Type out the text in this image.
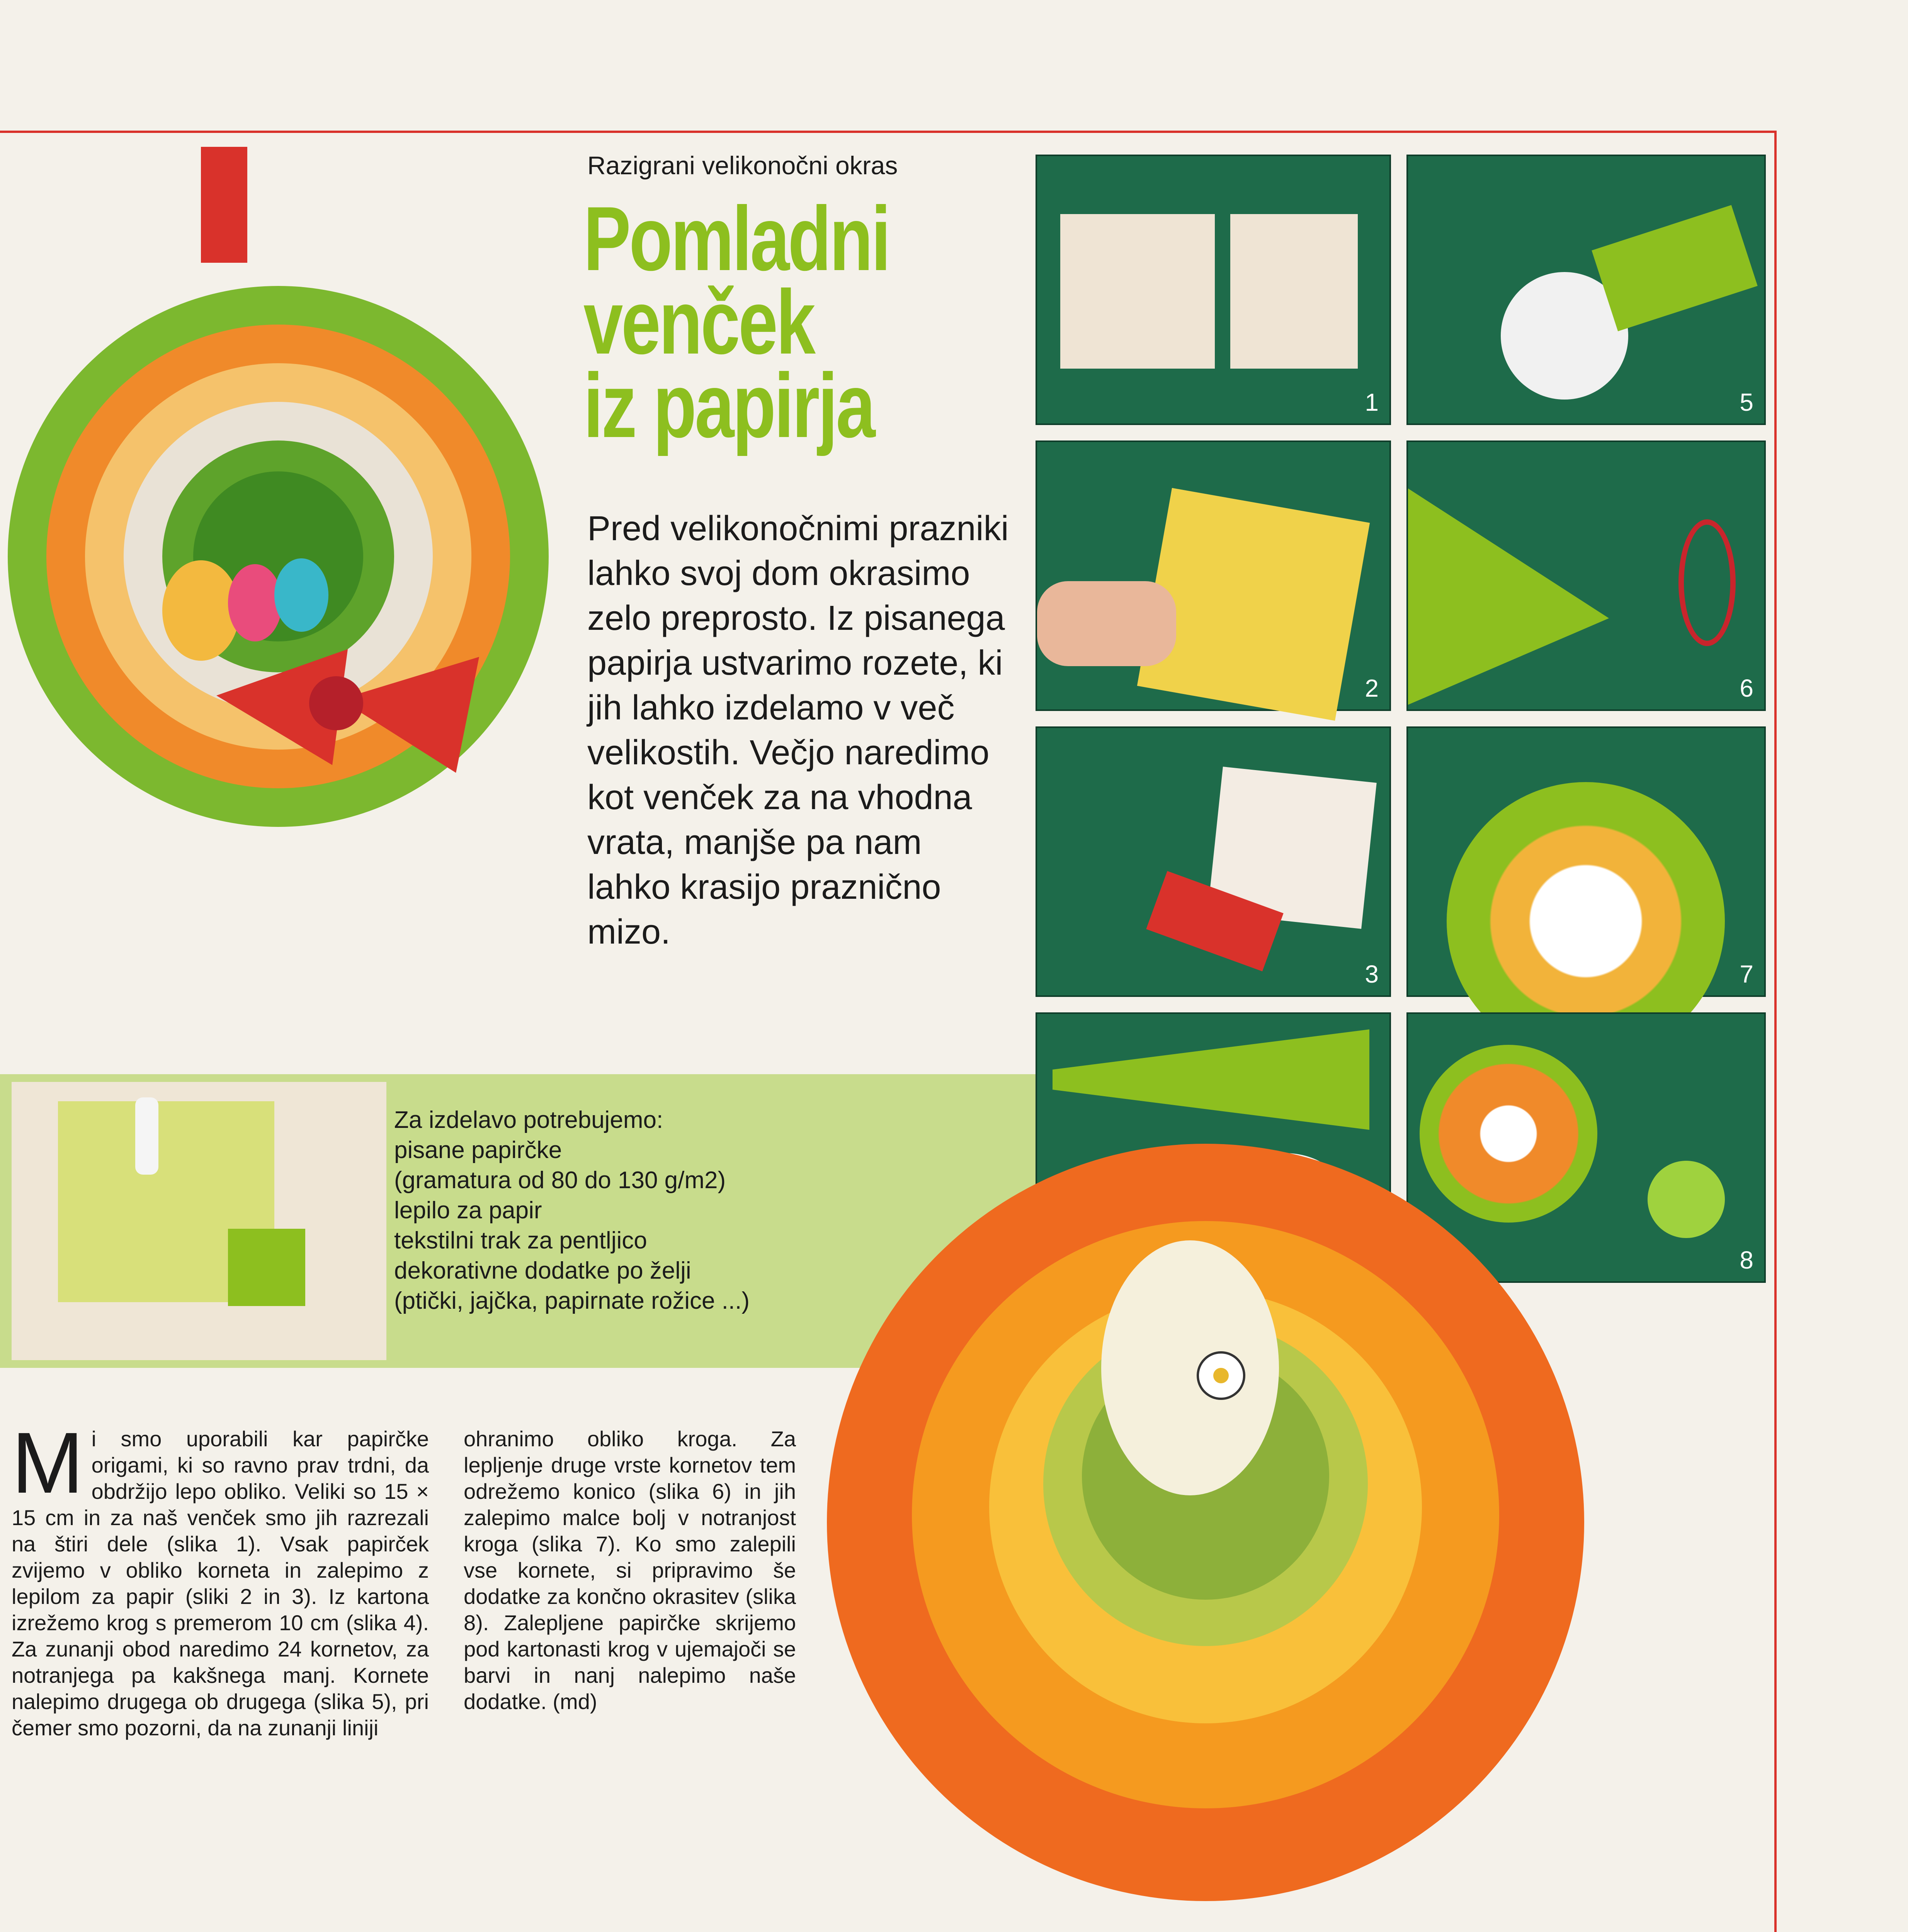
Razigrani velikonočni okras
Pomladni
venček
iz papirja
Pred velikonočnimi prazniki lahko svoj dom okrasimo zelo preprosto. Iz pisanega papirja ustvarimo rozete, ki jih lahko izdelamo v več velikostih. Večjo naredimo kot venček za na vhodna vrata, manjše pa nam lahko krasijo praznično mizo.
1	5
2	6
3	7
8
Za izdelavo potrebujemo:
pisane papirčke
(gramatura od 80 do 130 g/m2)
lepilo za papir
tekstilni trak za pentljico
dekorativne dodatke po želji
(ptički, jajčka, papirnate rožice ...)
M i smo uporabili kar papirčke origami, ki so ravno prav trdni, da obdržijo lepo obliko. Veliki so 15 × 15 cm in za naš venček smo jih razrezali na štiri dele (slika 1). Vsak papirček zvijemo v obliko korneta in zalepimo z lepilom za papir (sliki 2 in 3). Iz kartona izrežemo krog s premerom 10 cm (slika 4). Za zunanji obod naredimo 24 kornetov, za notranjega pa kakšnega manj. Kornete nalepimo drugega ob drugega (slika 5), pri čemer smo pozorni, da na zunanji liniji
ohranimo obliko kroga. Za lepljenje druge vrste kornetov tem odrežemo konico (slika 6) in jih zalepimo malce bolj v notranjost kroga (slika 7). Ko smo zalepili vse kornete, si pripravimo še dodatke za končno okrasitev (slika 8). Zalepljene papirčke skrijemo pod kartonasti krog v ujemajoči se barvi in nanj nalepimo naše dodatke. (md)
